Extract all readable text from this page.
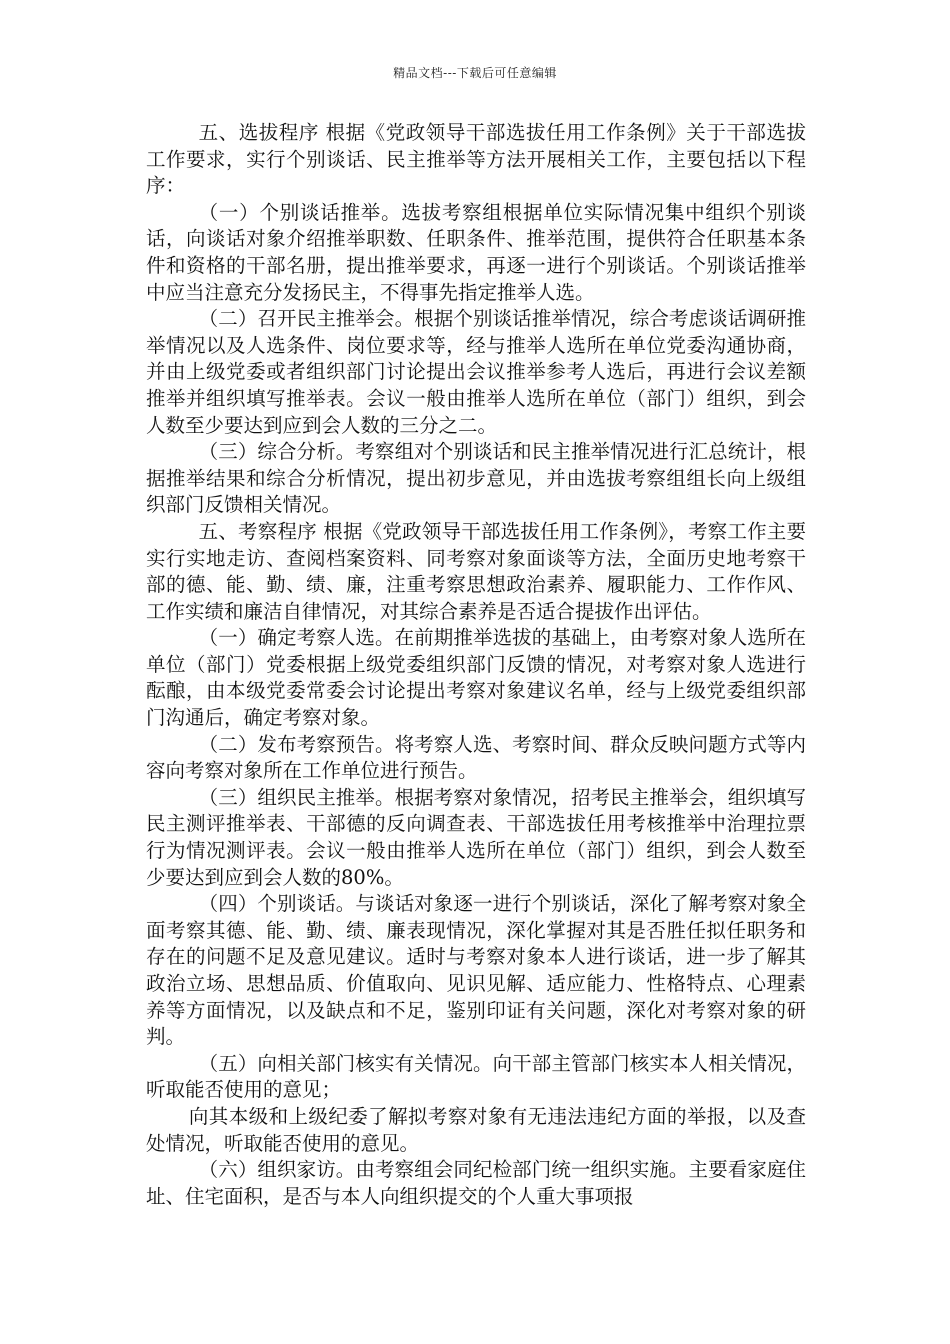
精品文档---下载后可任意编辑

五、选拔程序 根据《党政领导干部选拔任用工作条例》关于干部选拔工作要求，实行个别谈话、民主推举等方法开展相关工作，主要包括以下程序：

（一）个别谈话推举。选拔考察组根据单位实际情况集中组织个别谈话，向谈话对象介绍推举职数、任职条件、推举范围，提供符合任职基本条件和资格的干部名册，提出推举要求，再逐一进行个别谈话。个别谈话推举中应当注意充分发扬民主，不得事先指定推举人选。

（二）召开民主推举会。根据个别谈话推举情况，综合考虑谈话调研推举情况以及人选条件、岗位要求等，经与推举人选所在单位党委沟通协商，并由上级党委或者组织部门讨论提出会议推举参考人选后，再进行会议差额推举并组织填写推举表。会议一般由推举人选所在单位（部门）组织，到会人数至少要达到应到会人数的三分之二。

（三）综合分析。考察组对个别谈话和民主推举情况进行汇总统计，根据推举结果和综合分析情况，提出初步意见，并由选拔考察组组长向上级组织部门反馈相关情况。

五、考察程序 根据《党政领导干部选拔任用工作条例》，考察工作主要实行实地走访、查阅档案资料、同考察对象面谈等方法，全面历史地考察干部的德、能、勤、绩、廉，注重考察思想政治素养、履职能力、工作作风、工作实绩和廉洁自律情况，对其综合素养是否适合提拔作出评估。

（一）确定考察人选。在前期推举选拔的基础上，由考察对象人选所在单位（部门）党委根据上级党委组织部门反馈的情况，对考察对象人选进行酝酿，由本级党委常委会讨论提出考察对象建议名单，经与上级党委组织部门沟通后，确定考察对象。

（二）发布考察预告。将考察人选、考察时间、群众反映问题方式等内容向考察对象所在工作单位进行预告。

（三）组织民主推举。根据考察对象情况，招考民主推举会，组织填写民主测评推举表、干部德的反向调查表、干部选拔任用考核推举中治理拉票行为情况测评表。会议一般由推举人选所在单位（部门）组织，到会人数至少要达到应到会人数的80%。

（四）个别谈话。与谈话对象逐一进行个别谈话，深化了解考察对象全面考察其德、能、勤、绩、廉表现情况，深化掌握对其是否胜任拟任职务和存在的问题不足及意见建议。适时与考察对象本人进行谈话，进一步了解其政治立场、思想品质、价值取向、见识见解、适应能力、性格特点、心理素养等方面情况，以及缺点和不足，鉴别印证有关问题，深化对考察对象的研判。

（五）向相关部门核实有关情况。向干部主管部门核实本人相关情况，听取能否使用的意见；

向其本级和上级纪委了解拟考察对象有无违法违纪方面的举报，以及查处情况，听取能否使用的意见。

（六）组织家访。由考察组会同纪检部门统一组织实施。主要看家庭住址、住宅面积，是否与本人向组织提交的个人重大事项报
